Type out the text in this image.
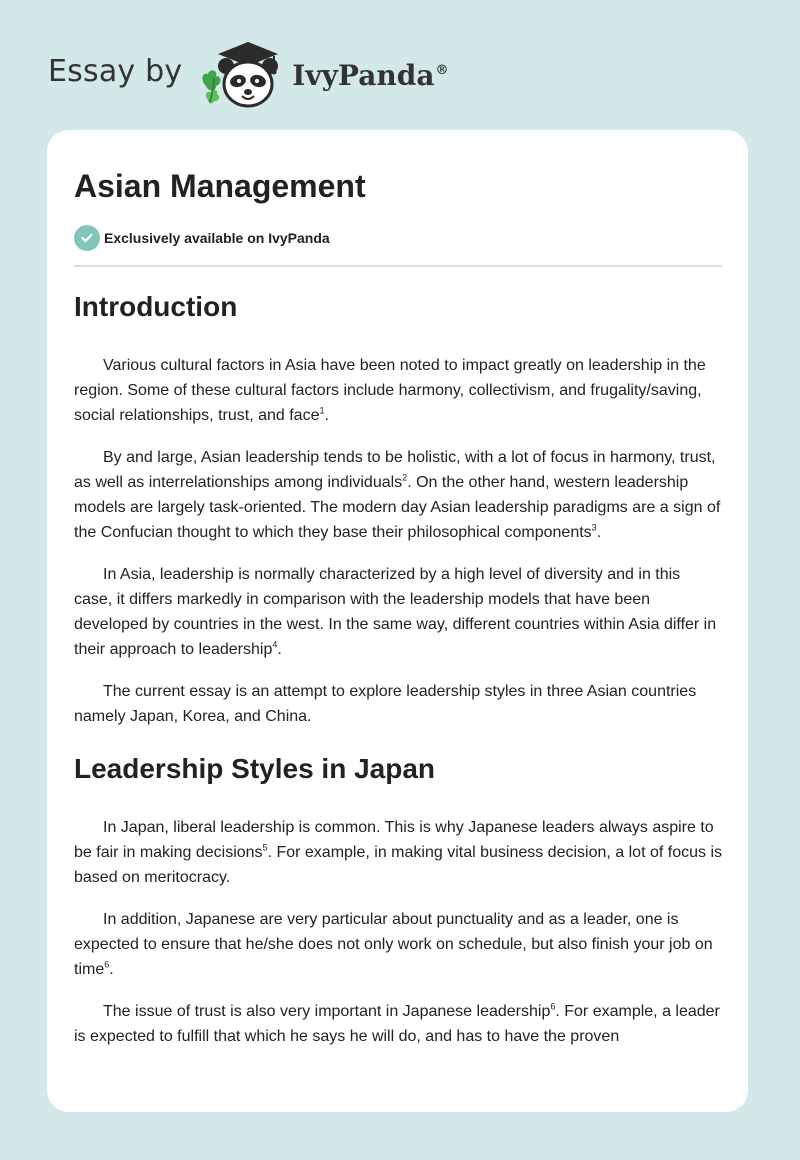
Essay by	IvyPanda®
Asian Management
Exclusively available on IvyPanda
Introduction

Various cultural factors in Asia have been noted to impact greatly on leadership in the region. Some of these cultural factors include harmony, collectivism, and frugality/saving, social relationships, trust, and face$^1$.

By and large, Asian leadership tends to be holistic, with a lot of focus in harmony, trust, as well as interrelationships among individuals$^2$. On the other hand, western leadership models are largely task-oriented. The modern day Asian leadership paradigms are a sign of the Confucian thought to which they base their philosophical components$^3$.

In Asia, leadership is normally characterized by a high level of diversity and in this case, it differs markedly in comparison with the leadership models that have been developed by countries in the west. In the same way, different countries within Asia differ in their approach to leadership$^4$.

The current essay is an attempt to explore leadership styles in three Asian countries namely Japan, Korea, and China.

Leadership Styles in Japan

In Japan, liberal leadership is common. This is why Japanese leaders always aspire to be fair in making decisions$^5$. For example, in making vital business decision, a lot of focus is based on meritocracy.

In addition, Japanese are very particular about punctuality and as a leader, one is expected to ensure that he/she does not only work on schedule, but also finish your job on time$^6$.

The issue of trust is also very important in Japanese leadership$^6$. For example, a leader is expected to fulfill that which he says he will do, and has to have the proven
